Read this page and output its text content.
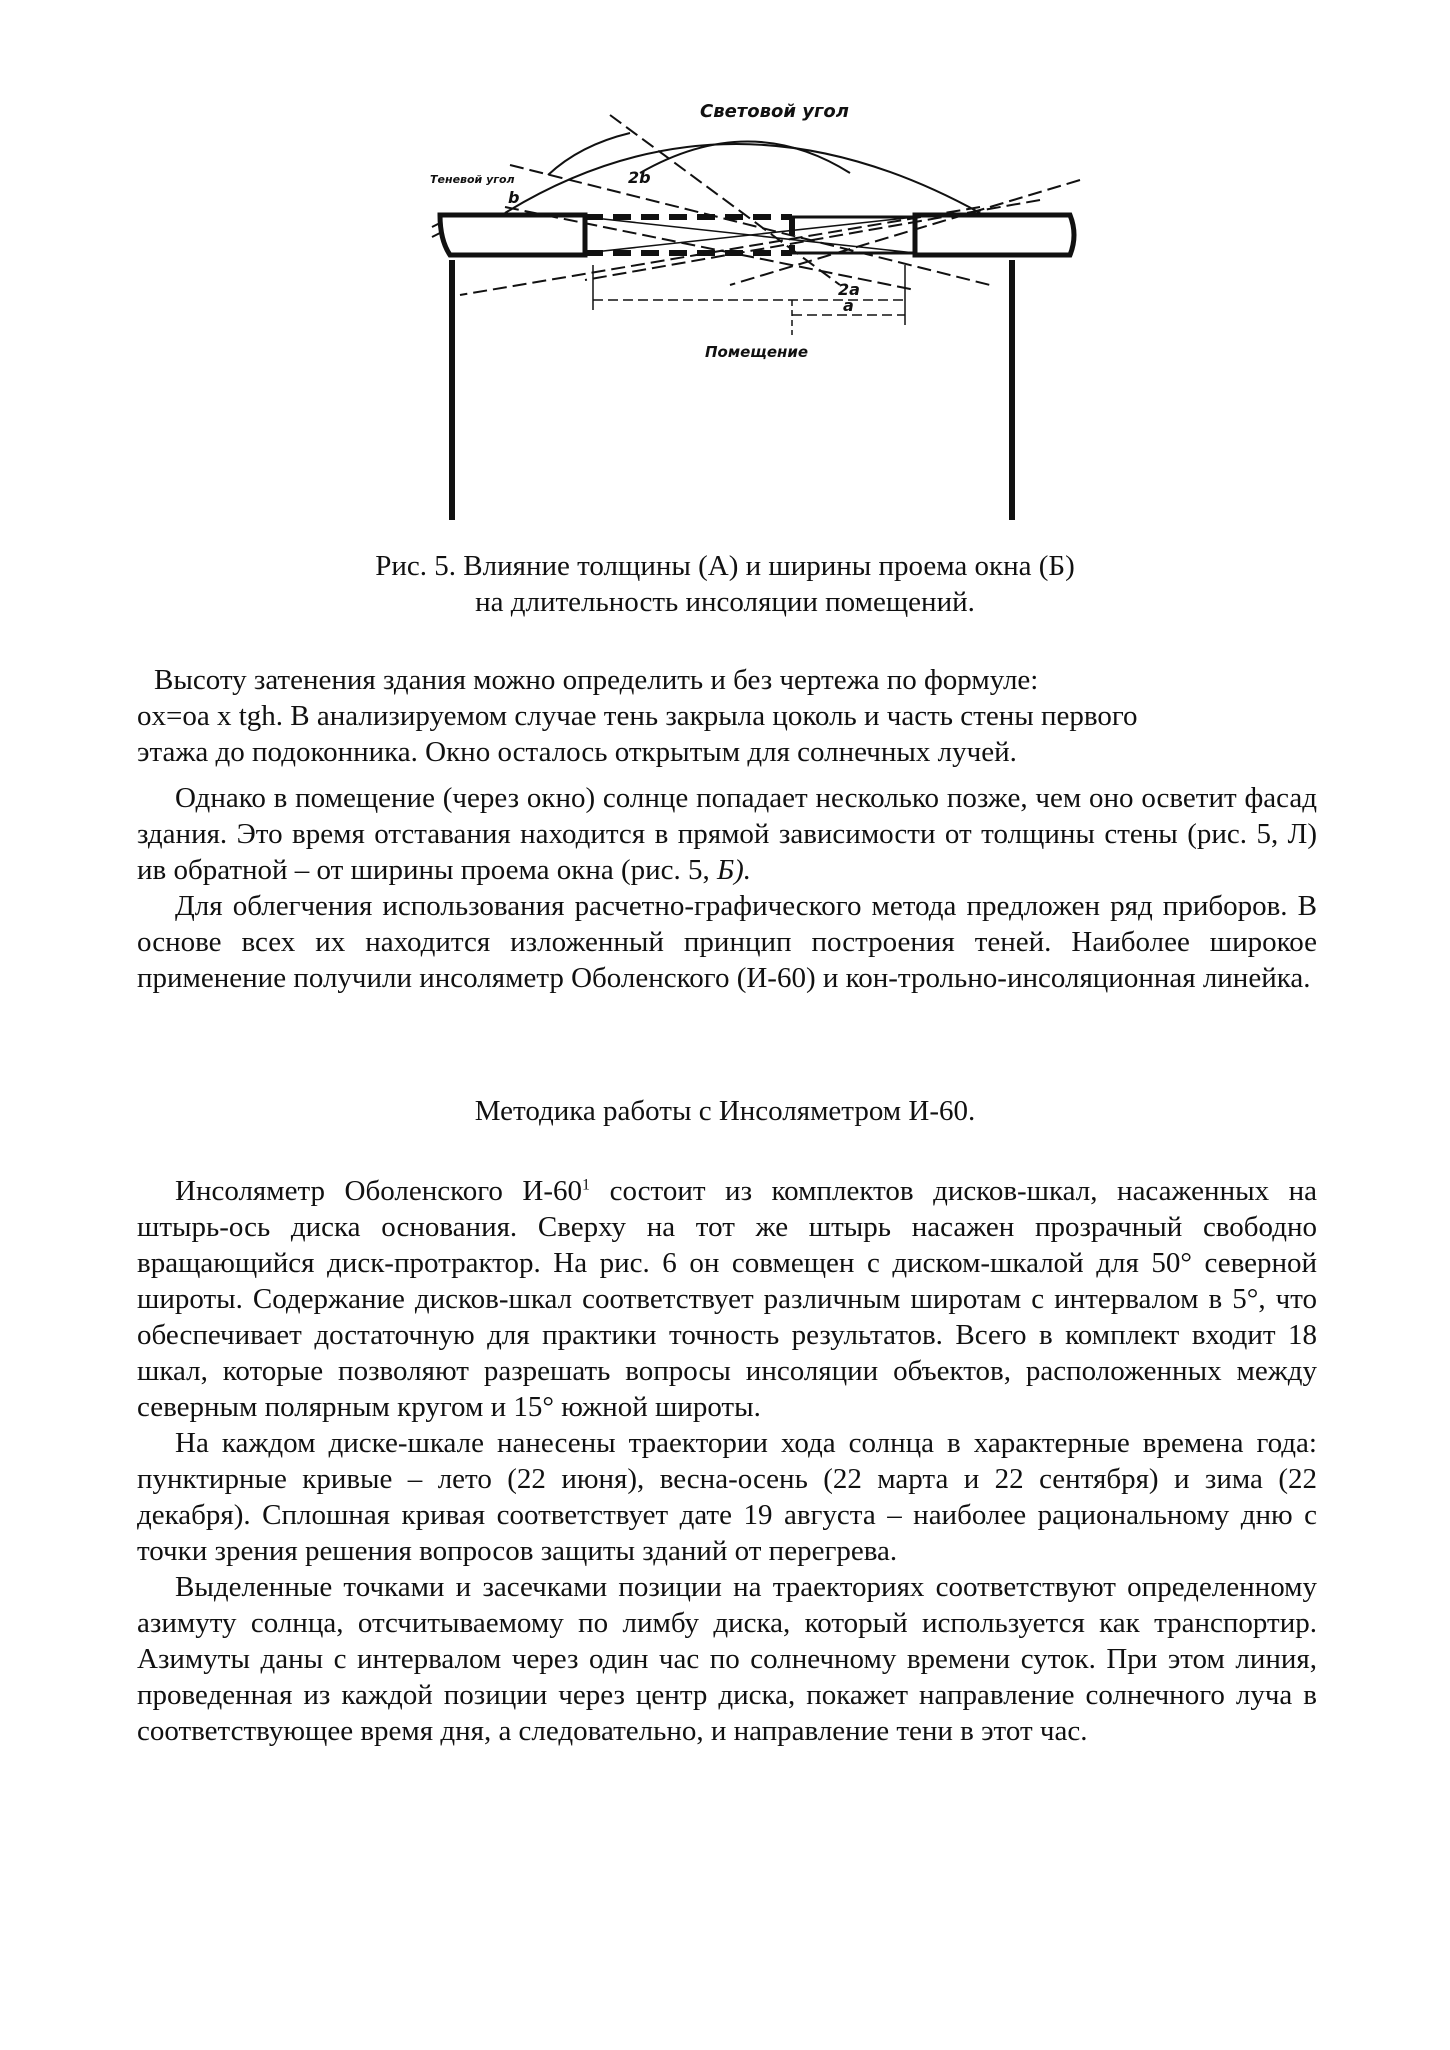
Световой угол
Теневой угол
b
2b
2a
a
Помещение
Рис. 5. Влияние толщины (А) и ширины проема окна (Б)
на длительность инсоляции помещений.
Высоту затенения здания можно определить и без чертежа по формуле:
ox=oa x tgh. В анализируемом случае тень закрыла цоколь и часть стены первого
этажа до подоконника. Окно осталось открытым для солнечных лучей.

Однако в помещение (через окно) солнце попадает несколько позже, чем оно осветит фасад здания. Это время отставания находится в прямой зависимости от толщины стены (рис. 5, Л) ив обратной – от ширины проема окна (рис. 5, Б).

Для облегчения использования расчетно-графического метода предложен ряд приборов. В основе всех их находится изложенный принцип построения теней. Наиболее широкое применение получили инсоляметр Оболенского (И-60) и кон-трольно-инсоляционная линейка.

Методика работы с Инсоляметром И-60.

Инсоляметр Оболенского $И-60^1$ состоит из комплектов дисков-шкал, насаженных на штырь-ось диска основания. Сверху на тот же штырь насажен прозрачный свободно вращающийся диск-протрактор. На рис. 6 он совмещен с диском-шкалой для 50° северной широты. Содержание дисков-шкал соответствует различным широтам с интервалом в 5°, что обеспечивает достаточную для практики точность результатов. Всего в комплект входит 18 шкал, которые позволяют разрешать вопросы инсоляции объектов, расположенных между северным полярным кругом и 15° южной широты.

На каждом диске-шкале нанесены траектории хода солнца в характерные времена года: пунктирные кривые – лето (22 июня), весна-осень (22 марта и 22 сентября) и зима (22 декабря). Сплошная кривая соответствует дате 19 августа – наиболее рациональному дню с точки зрения решения вопросов защиты зданий от перегрева.

Выделенные точками и засечками позиции на траекториях соответствуют определенному азимуту солнца, отсчитываемому по лимбу диска, который используется как транспортир. Азимуты даны с интервалом через один час по солнечному времени суток. При этом линия, проведенная из каждой позиции через центр диска, покажет направление солнечного луча в соответствующее время дня, а следовательно, и направление тени в этот час.
